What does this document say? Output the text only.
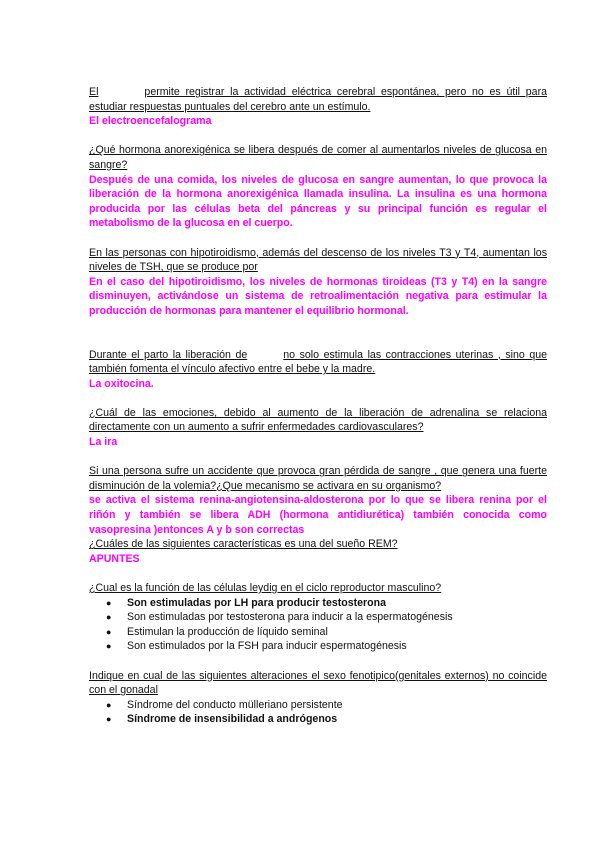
El	permite registrar la actividad eléctrica cerebral espontánea, pero no es útil para estudiar respuestas puntuales del cerebro ante un estímulo.

El electroencefalograma

¿Qué hormona anorexigénica se libera después de comer al aumentarlos niveles de glucosa en sangre?

Después de una comida, los niveles de glucosa en sangre aumentan, lo que provoca la liberación de la hormona anorexigénica llamada insulina. La insulina es una hormona producida por las células beta del páncreas y su principal función es regular el metabolismo de la glucosa en el cuerpo.

En las personas con hipotiroidismo, además del descenso de los niveles T3 y T4, aumentan los niveles de TSH, que se produce por

En el caso del hipotiroidismo, los niveles de hormonas tiroideas (T3 y T4) en la sangre disminuyen, activándose un sistema de retroalimentación negativa para estimular la producción de hormonas para mantener el equilibrio hormonal.

Durante el parto la liberación de	no solo estimula las contracciones uterinas , sino que también fomenta el vínculo afectivo entre el bebe y la madre.

La oxitocina.

¿Cuál de las emociones, debido al aumento de la liberación de adrenalina se relaciona directamente con un aumento a sufrir enfermedades cardiovasculares?

La ira

Si una persona sufre un accidente que provoca gran pérdida de sangre , que genera una fuerte disminución de la volemia?¿Que mecanismo se activara en su organismo?

se activa el sistema renina-angiotensina-aldosterona por lo que se libera renina por el riñón y también se libera ADH (hormona antidiurética) también conocida como vasopresina )entonces A y b son correctas

¿Cuáles de las siguientes características es una del sueño REM?

APUNTES

¿Cual es la función de las células leydig en el ciclo reproductor masculino?

● Son estimuladas por LH para producir testosterona
● Son estimuladas por testosterona para inducir a la espermatogénesis
● Estimulan la producción de líquido seminal
● Son estimulados por la FSH para inducir espermatogénesis

Indique en cual de las siguientes alteraciones el sexo fenotipico(genitales externos) no coincide con el gonadal

● Síndrome del conducto mülleriano persistente
● Síndrome de insensibilidad a andrógenos
